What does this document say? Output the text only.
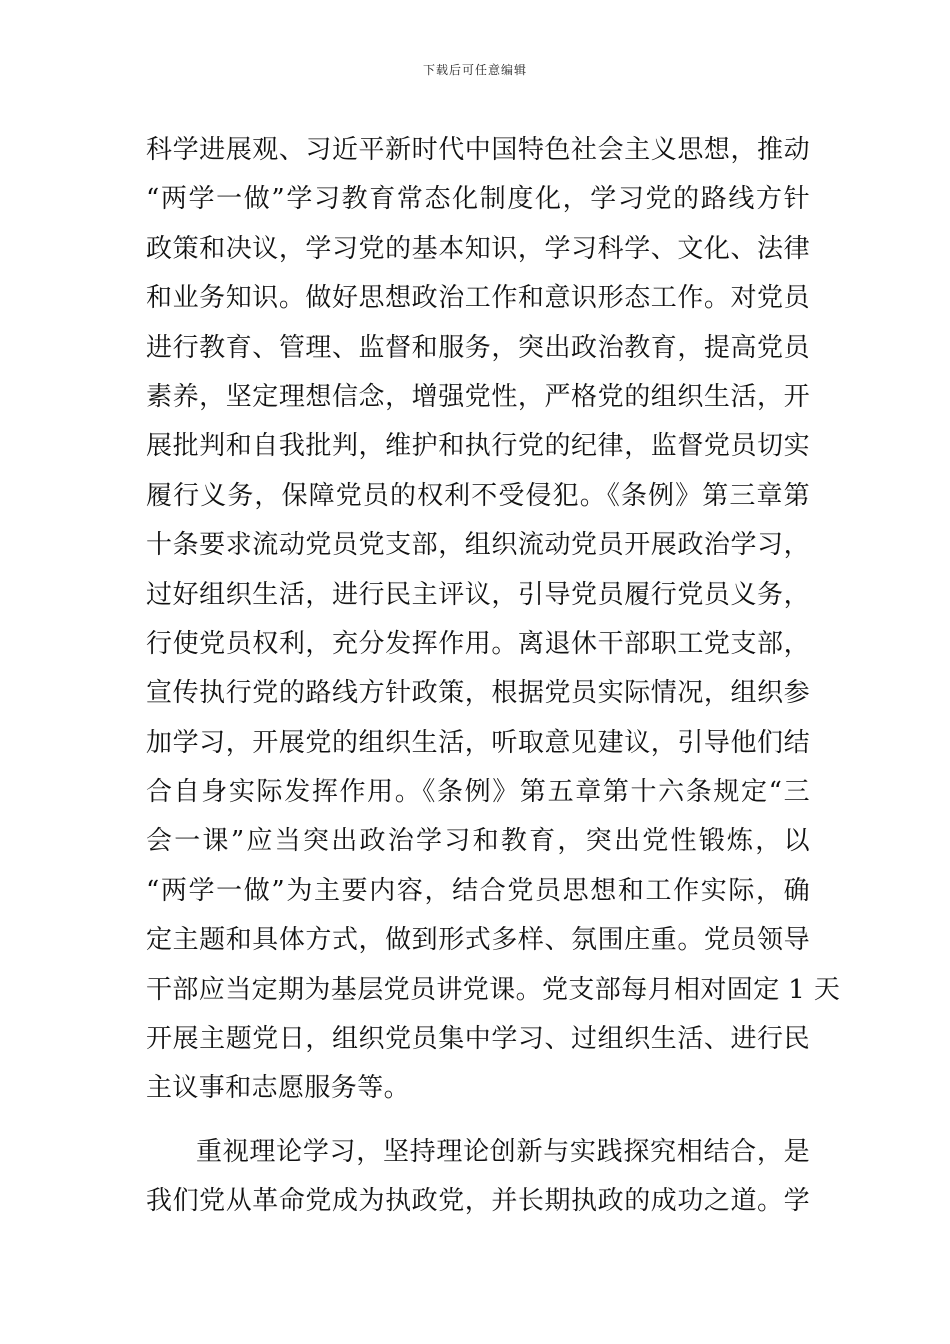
下载后可任意编辑
科学进展观、习近平新时代中国特色社会主义思想，推动
“两学一做”学习教育常态化制度化，学习党的路线方针
政策和决议，学习党的基本知识，学习科学、文化、法律
和业务知识。做好思想政治工作和意识形态工作。对党员
进行教育、管理、监督和服务，突出政治教育，提高党员
素养，坚定理想信念，增强党性，严格党的组织生活，开
展批判和自我批判，维护和执行党的纪律，监督党员切实
履行义务，保障党员的权利不受侵犯。《条例》第三章第
十条要求流动党员党支部，组织流动党员开展政治学习，
过好组织生活，进行民主评议，引导党员履行党员义务，
行使党员权利，充分发挥作用。离退休干部职工党支部，
宣传执行党的路线方针政策，根据党员实际情况，组织参
加学习，开展党的组织生活，听取意见建议，引导他们结
合自身实际发挥作用。《条例》第五章第十六条规定“三
会一课”应当突出政治学习和教育，突出党性锻炼，以
“两学一做”为主要内容，结合党员思想和工作实际，确
定主题和具体方式，做到形式多样、氛围庄重。党员领导
干部应当定期为基层党员讲党课。党支部每月相对固定 1 天
开展主题党日，组织党员集中学习、过组织生活、进行民
主议事和志愿服务等。
重视理论学习，坚持理论创新与实践探究相结合，是
我们党从革命党成为执政党，并长期执政的成功之道。学
